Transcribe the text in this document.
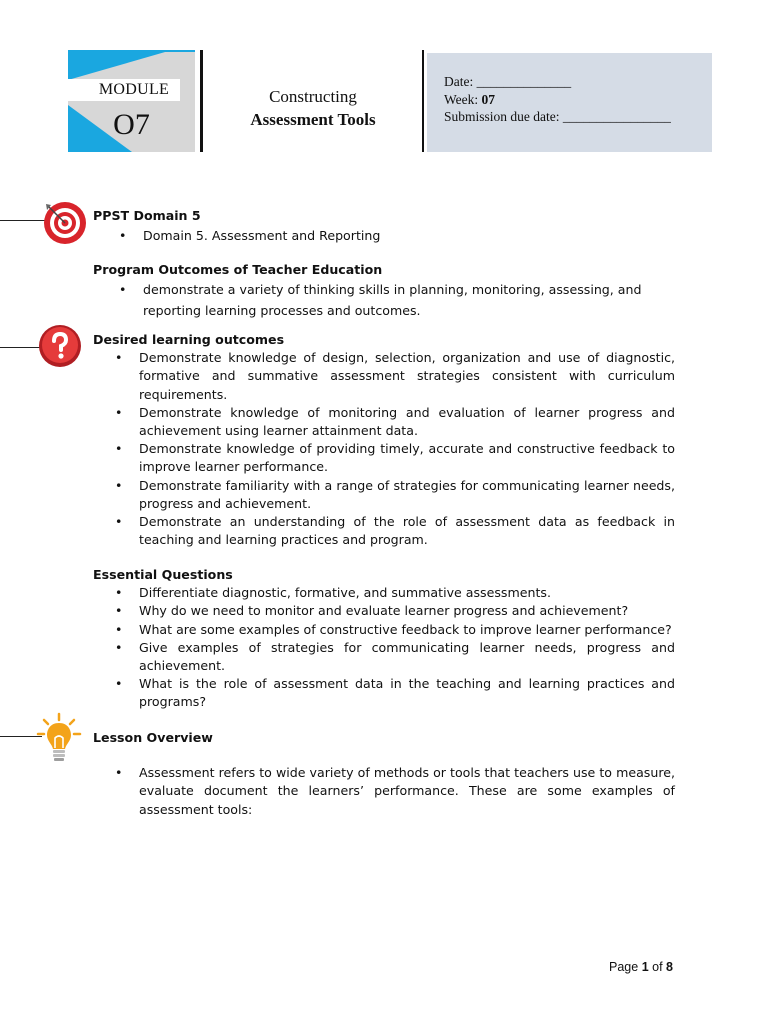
MODULE
O7
Constructing
Assessment Tools
Date: ______________
Week: 07
Submission due date: ________________
PPST Domain 5
• Domain 5. Assessment and Reporting
Program Outcomes of Teacher Education
• demonstrate a variety of thinking skills in planning, monitoring, assessing, and reporting learning processes and outcomes.
Desired learning outcomes
• Demonstrate knowledge of design, selection, organization and use of diagnostic, formative and summative assessment strategies consistent with curriculum requirements.
• Demonstrate knowledge of monitoring and evaluation of learner progress and achievement using learner attainment data.
• Demonstrate knowledge of providing timely, accurate and constructive feedback to improve learner performance.
• Demonstrate familiarity with a range of strategies for communicating learner needs, progress and achievement.
• Demonstrate an understanding of the role of assessment data as feedback in teaching and learning practices and program.
Essential Questions
• Differentiate diagnostic, formative, and summative assessments.
• Why do we need to monitor and evaluate learner progress and achievement?
• What are some examples of constructive feedback to improve learner performance?
• Give examples of strategies for communicating learner needs, progress and achievement.
• What is the role of assessment data in the teaching and learning practices and programs?
Lesson Overview
• Assessment refers to wide variety of methods or tools that teachers use to measure, evaluate document the learners’ performance. These are some examples of assessment tools:
Page 1 of 8
